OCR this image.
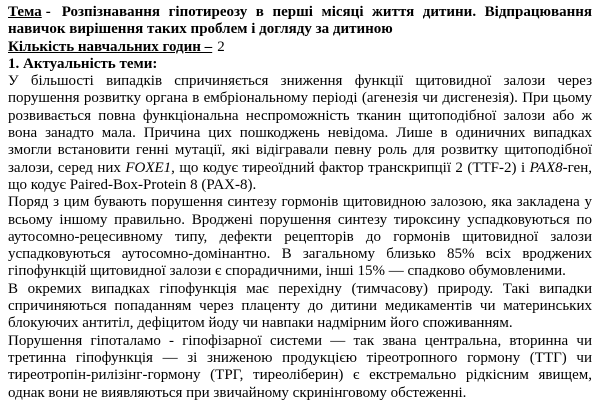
Тема - Розпізнавання гіпотиреозу в перші місяці життя дитини. Відпрацювання навичок вирішення таких проблем і догляду за дитиною

Кількість навчальних годин – 2

1. Актуальність теми:

У більшості випадків спричиняється зниження функції щитовидної залози через порушення розвитку органа в ембріональному періоді (агенезія чи дисгенезія). При цьому розвивається повна функціональна неспроможність тканин щитоподібної залози або ж вона занадто мала. Причина цих пошкоджень невідома. Лише в одиничних випадках змогли встановити генні мутації, які відігравали певну роль для розвитку щитоподібної залози, серед них FOXE1, що кодує тиреоїдний фактор транскрипції 2 (TTF-2) і PAX8-ген, що кодує Paired-Box-Protein 8 (PAX-8).

Поряд з цим бувають порушення синтезу гормонів щитовидною залозою, яка закладена у всьому іншому правильно. Вроджені порушення синтезу тироксину успадковуються по аутосомно-рецесивному типу, дефекти рецепторів до гормонів щитовидної залози успадковуються аутосомно-домінантно. В загальному близько 85% всіх вроджених гіпофункцій щитовидної залози є спорадичними, інші 15% — спадково обумовленими.

В окремих випадках гіпофункція має перехідну (тимчасову) природу. Такі випадки спричиняються попаданням через плаценту до дитини медикаментів чи материнських блокуючих антитіл, дефіцитом йоду чи навпаки надмірним його споживанням.

Порушення гіпоталамо - гіпофізарної системи — так звана центральна, вторинна чи третинна гіпофункція — зі зниженою продукцією тіреотропного гормону (ТТГ) чи тиреотропін-рилізінг-гормону (ТРГ, тиреоліберин) є екстремально рідкісним явищем, однак вони не виявляються при звичайному скринінговому обстеженні.
